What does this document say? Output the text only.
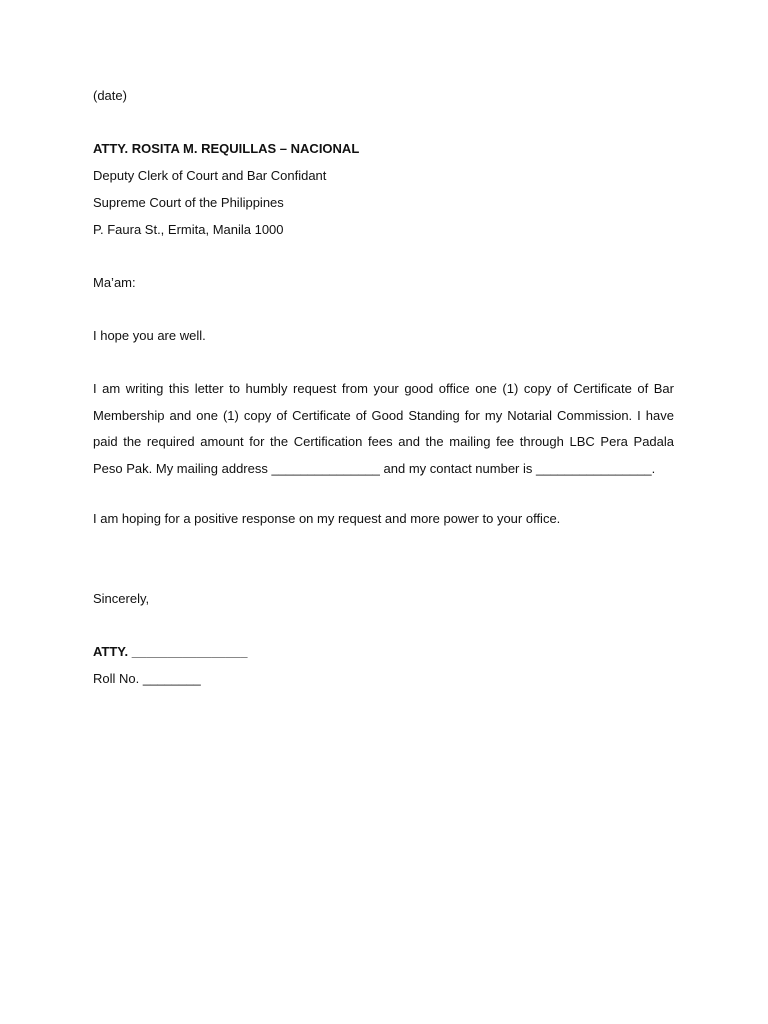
(date)
ATTY. ROSITA M. REQUILLAS – NACIONAL
Deputy Clerk of Court and Bar Confidant
Supreme Court of the Philippines
P. Faura St., Ermita, Manila 1000
Ma’am:
I hope you are well.

I am writing this letter to humbly request from your good office one (1) copy of Certificate of Bar Membership and one (1) copy of Certificate of Good Standing for my Notarial Commission. I have paid the required amount for the Certification fees and the mailing fee through LBC Pera Padala Peso Pak. My mailing address _______________ and my contact number is ________________.

I am hoping for a positive response on my request and more power to your office.
Sincerely,
ATTY. ________________
Roll No. ________
